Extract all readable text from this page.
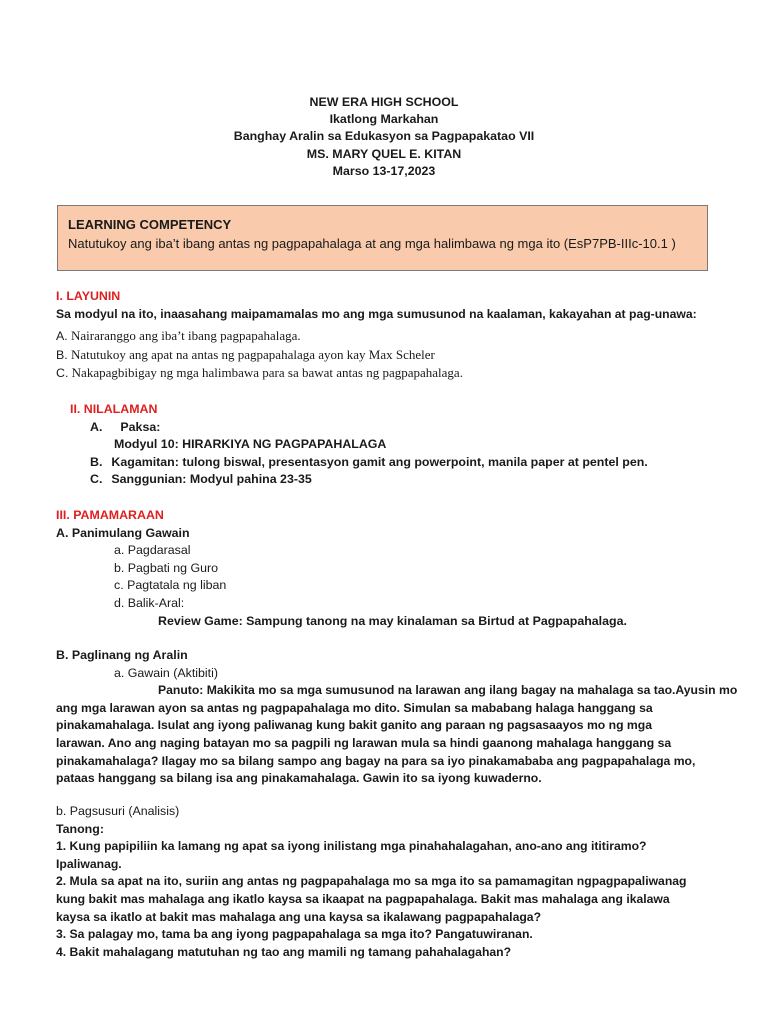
NEW ERA HIGH SCHOOL
Ikatlong Markahan
Banghay Aralin sa Edukasyon sa Pagpapakatao VII
MS. MARY QUEL E. KITAN
Marso 13-17,2023
LEARNING COMPETENCY
Natutukoy ang iba’t ibang antas ng pagpapahalaga at ang mga halimbawa ng mga ito (EsP7PB-IIIc-10.1 )
I. LAYUNIN
Sa modyul na ito, inaasahang maipamamalas mo ang mga sumusunod na kaalaman, kakayahan at pag-unawa:
A. Nairaranggo ang iba’t ibang pagpapahalaga.
B. Natutukoy ang apat na antas ng pagpapahalaga ayon kay Max Scheler
C. Nakapagbibigay ng mga halimbawa para sa bawat antas ng pagpapahalaga.
II. NILALAMAN
A. Paksa:
Modyul 10: HIRARKIYA NG PAGPAPAHALAGA
B. Kagamitan: tulong biswal, presentasyon gamit ang powerpoint, manila paper at pentel pen.
C. Sanggunian: Modyul pahina 23-35
III. PAMAMARAAN
A. Panimulang Gawain
a. Pagdarasal
b. Pagbati ng Guro
c. Pagtatala ng liban
d. Balik-Aral:
Review Game: Sampung tanong na may kinalaman sa Birtud at Pagpapahalaga.
B. Paglinang ng Aralin
a. Gawain (Aktibiti)
Panuto: Makikita mo sa mga sumusunod na larawan ang ilang bagay na mahalaga sa tao.Ayusin mo
ang mga larawan ayon sa antas ng pagpapahalaga mo dito. Simulan sa mababang halaga hanggang sa
pinakamahalaga. Isulat ang iyong paliwanag kung bakit ganito ang paraan ng pagsasaayos mo ng mga
larawan. Ano ang naging batayan mo sa pagpili ng larawan mula sa hindi gaanong mahalaga hanggang sa
pinakamahalaga? Ilagay mo sa bilang sampo ang bagay na para sa iyo pinakamababa ang pagpapahalaga mo,
pataas hanggang sa bilang isa ang pinakamahalaga. Gawin ito sa iyong kuwaderno.
b. Pagsusuri (Analisis)
Tanong:
1. Kung papipiliin ka lamang ng apat sa iyong inilistang mga pinahahalagahan, ano-ano ang ititiramo?
Ipaliwanag.
2. Mula sa apat na ito, suriin ang antas ng pagpapahalaga mo sa mga ito sa pamamagitan ngpagpapaliwanag
kung bakit mas mahalaga ang ikatlo kaysa sa ikaapat na pagpapahalaga. Bakit mas mahalaga ang ikalawa
kaysa sa ikatlo at bakit mas mahalaga ang una kaysa sa ikalawang pagpapahalaga?
3. Sa palagay mo, tama ba ang iyong pagpapahalaga sa mga ito? Pangatuwiranan.
4. Bakit mahalagang matutuhan ng tao ang mamili ng tamang pahahalagahan?
